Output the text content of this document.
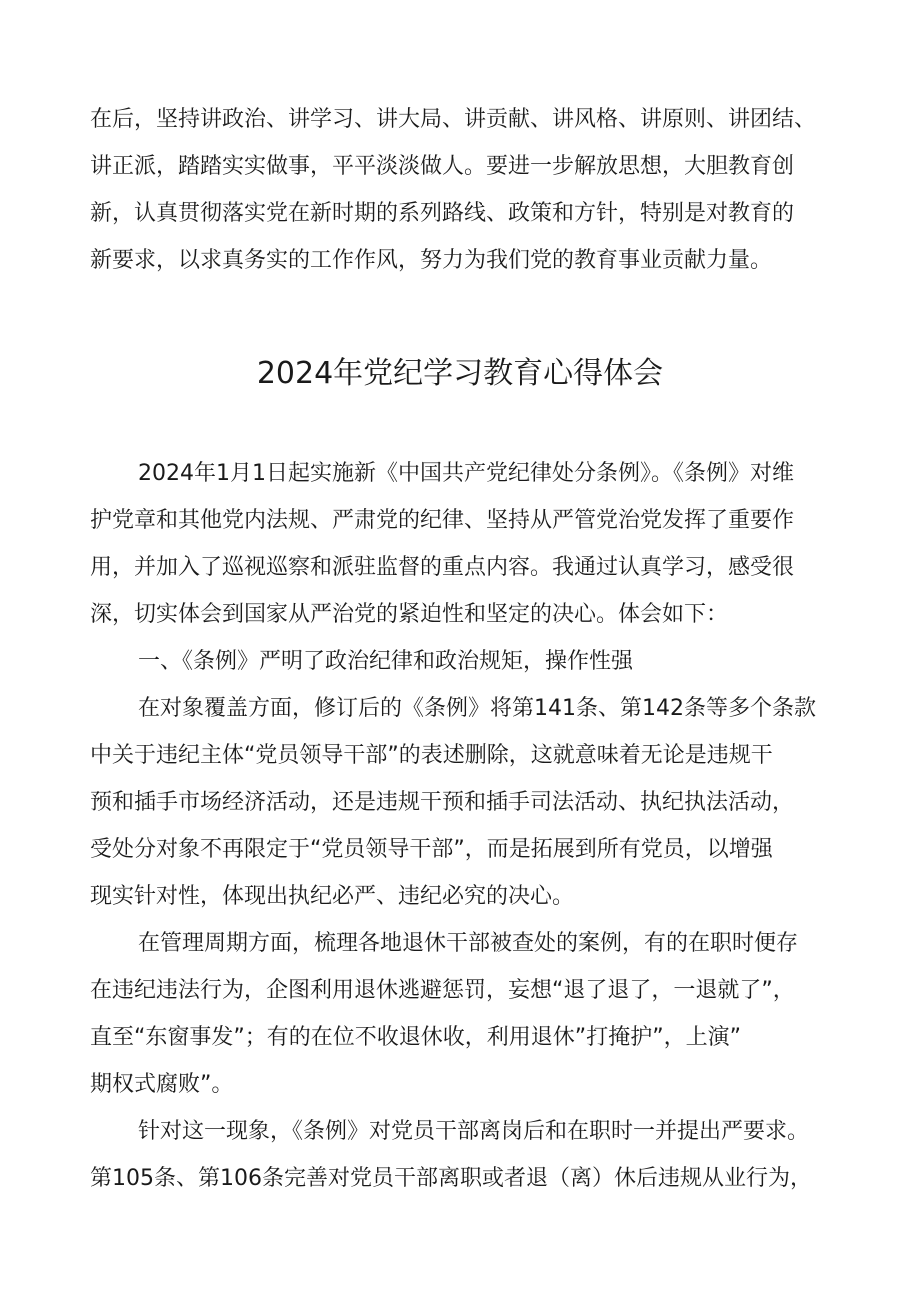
在后，坚持讲政治、讲学习、讲大局、讲贡献、讲风格、讲原则、讲团结、
讲正派，踏踏实实做事，平平淡淡做人。要进一步解放思想，大胆教育创
新，认真贯彻落实党在新时期的系列路线、政策和方针，特别是对教育的
新要求，以求真务实的工作作风，努力为我们党的教育事业贡献力量。
2024年党纪学习教育心得体会
2024年1月1日起实施新《中国共产党纪律处分条例》。《条例》对维
护党章和其他党内法规、严肃党的纪律、坚持从严管党治党发挥了重要作
用，并加入了巡视巡察和派驻监督的重点内容。我通过认真学习，感受很
深，切实体会到国家从严治党的紧迫性和坚定的决心。体会如下：
一、《条例》严明了政治纪律和政治规矩，操作性强
在对象覆盖方面，修订后的《条例》将第141条、第142条等多个条款
中关于违纪主体“党员领导干部”的表述删除，这就意味着无论是违规干
预和插手市场经济活动，还是违规干预和插手司法活动、执纪执法活动，
受处分对象不再限定于“党员领导干部”，而是拓展到所有党员，以增强
现实针对性，体现出执纪必严、违纪必究的决心。
在管理周期方面，梳理各地退休干部被查处的案例，有的在职时便存
在违纪违法行为，企图利用退休逃避惩罚，妄想“退了退了，一退就了”，
直至“东窗事发”；有的在位不收退休收，利用退休”打掩护”，上演”
期权式腐败”。
针对这一现象，《条例》对党员干部离岗后和在职时一并提出严要求。
第105条、第106条完善对党员干部离职或者退（离）休后违规从业行为，
